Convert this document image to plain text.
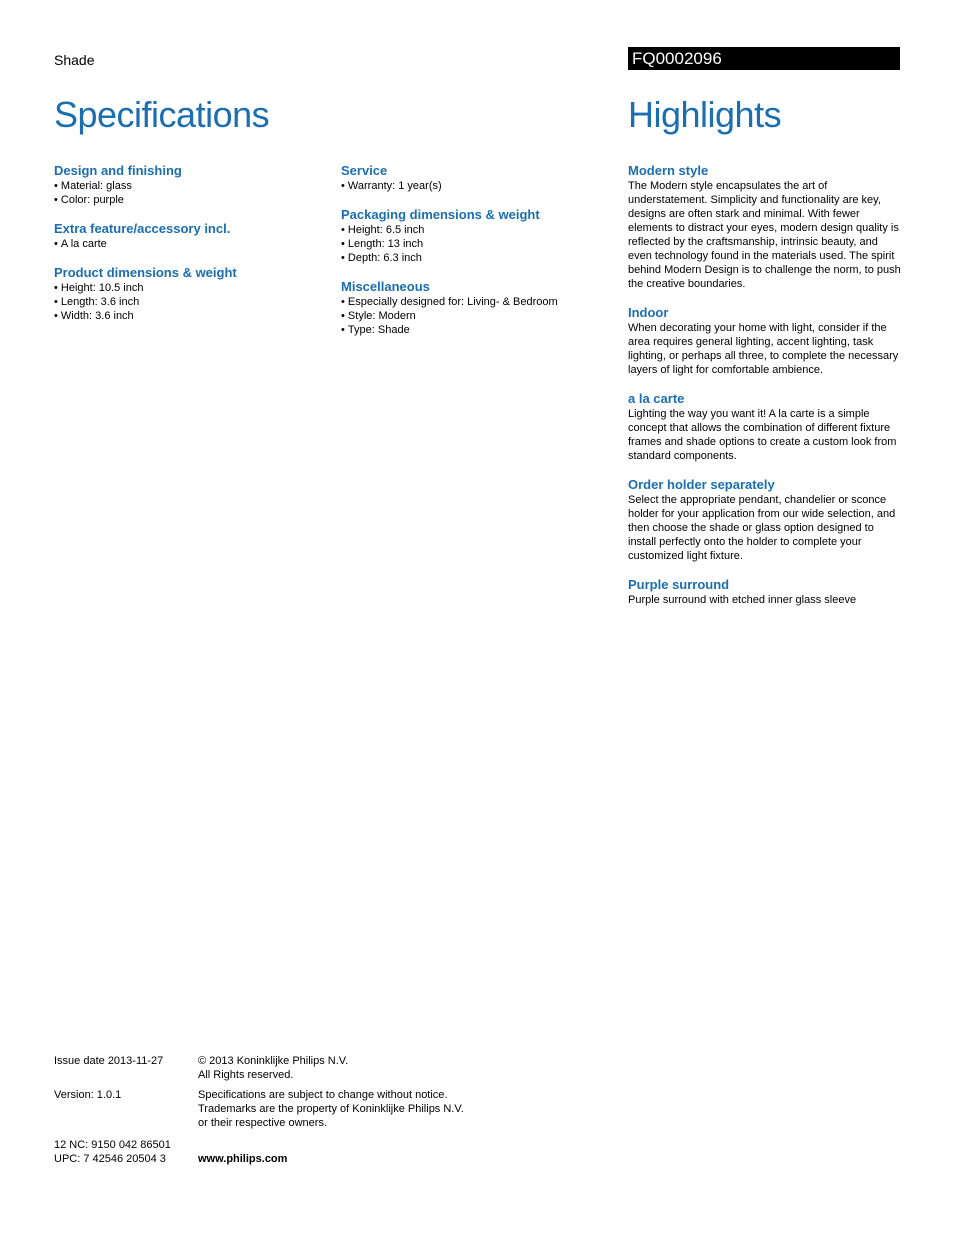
Shade	FQ0002096
Specifications	Highlights
Design and finishing
• Material: glass
• Color: purple
Extra feature/accessory incl.
• A la carte
Product dimensions & weight
• Height: 10.5 inch
• Length: 3.6 inch
• Width: 3.6 inch
Service
• Warranty: 1 year(s)
Packaging dimensions & weight
• Height: 6.5 inch
• Length: 13 inch
• Depth: 6.3 inch
Miscellaneous
• Especially designed for: Living- & Bedroom
• Style: Modern
• Type: Shade
Modern style

The Modern style encapsulates the art of understatement. Simplicity and functionality are key, designs are often stark and minimal. With fewer elements to distract your eyes, modern design quality is reflected by the craftsmanship, intrinsic beauty, and even technology found in the materials used. The spirit behind Modern Design is to challenge the norm, to push the creative boundaries.

Indoor

When decorating your home with light, consider if the area requires general lighting, accent lighting, task lighting, or perhaps all three, to complete the necessary layers of light for comfortable ambience.

a la carte

Lighting the way you want it! A la carte is a simple concept that allows the combination of different fixture frames and shade options to create a custom look from standard components.

Order holder separately

Select the appropriate pendant, chandelier or sconce holder for your application from our wide selection, and then choose the shade or glass option designed to install perfectly onto the holder to complete your customized light fixture.

Purple surround

Purple surround with etched inner glass sleeve

Issue date 2013-11-27	© 2013 Koninklijke Philips N.V.
All Rights reserved.
Version: 1.0.1	Specifications are subject to change without notice.
Trademarks are the property of Koninklijke Philips N.V.
or their respective owners.
12 NC: 9150 042 86501
UPC: 7 42546 20504 3	www.philips.com
